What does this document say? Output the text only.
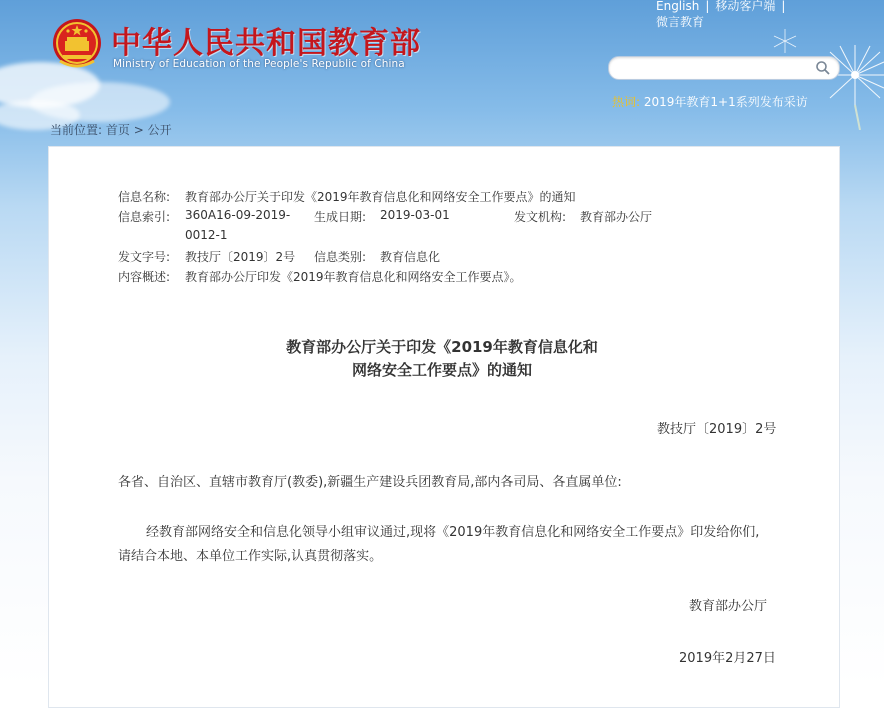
中华人民共和国教育部
Ministry of Education of the People's Republic of China
English | 移动客户端 |
微言教育
热词: 2019年教育1+1系列发布采访
当前位置: 首页 > 公开
信息名称: 教育部办公厅关于印发《2019年教育信息化和网络安全工作要点》的通知
信息索引: 360A16-09-2019-
0012-1
生成日期: 2019-03-01	发文机构: 教育部办公厅
发文字号: 教技厅〔2019〕2号 信息类别: 教育信息化
内容概述: 教育部办公厅印发《2019年教育信息化和网络安全工作要点》。
教育部办公厅关于印发《2019年教育信息化和
网络安全工作要点》的通知
教技厅〔2019〕2号
各省、自治区、直辖市教育厅(教委),新疆生产建设兵团教育局,部内各司局、各直属单位:
经教育部网络安全和信息化领导小组审议通过,现将《2019年教育信息化和网络安全工作要点》印发给你们,
请结合本地、本单位工作实际,认真贯彻落实。
教育部办公厅
2019年2月27日
